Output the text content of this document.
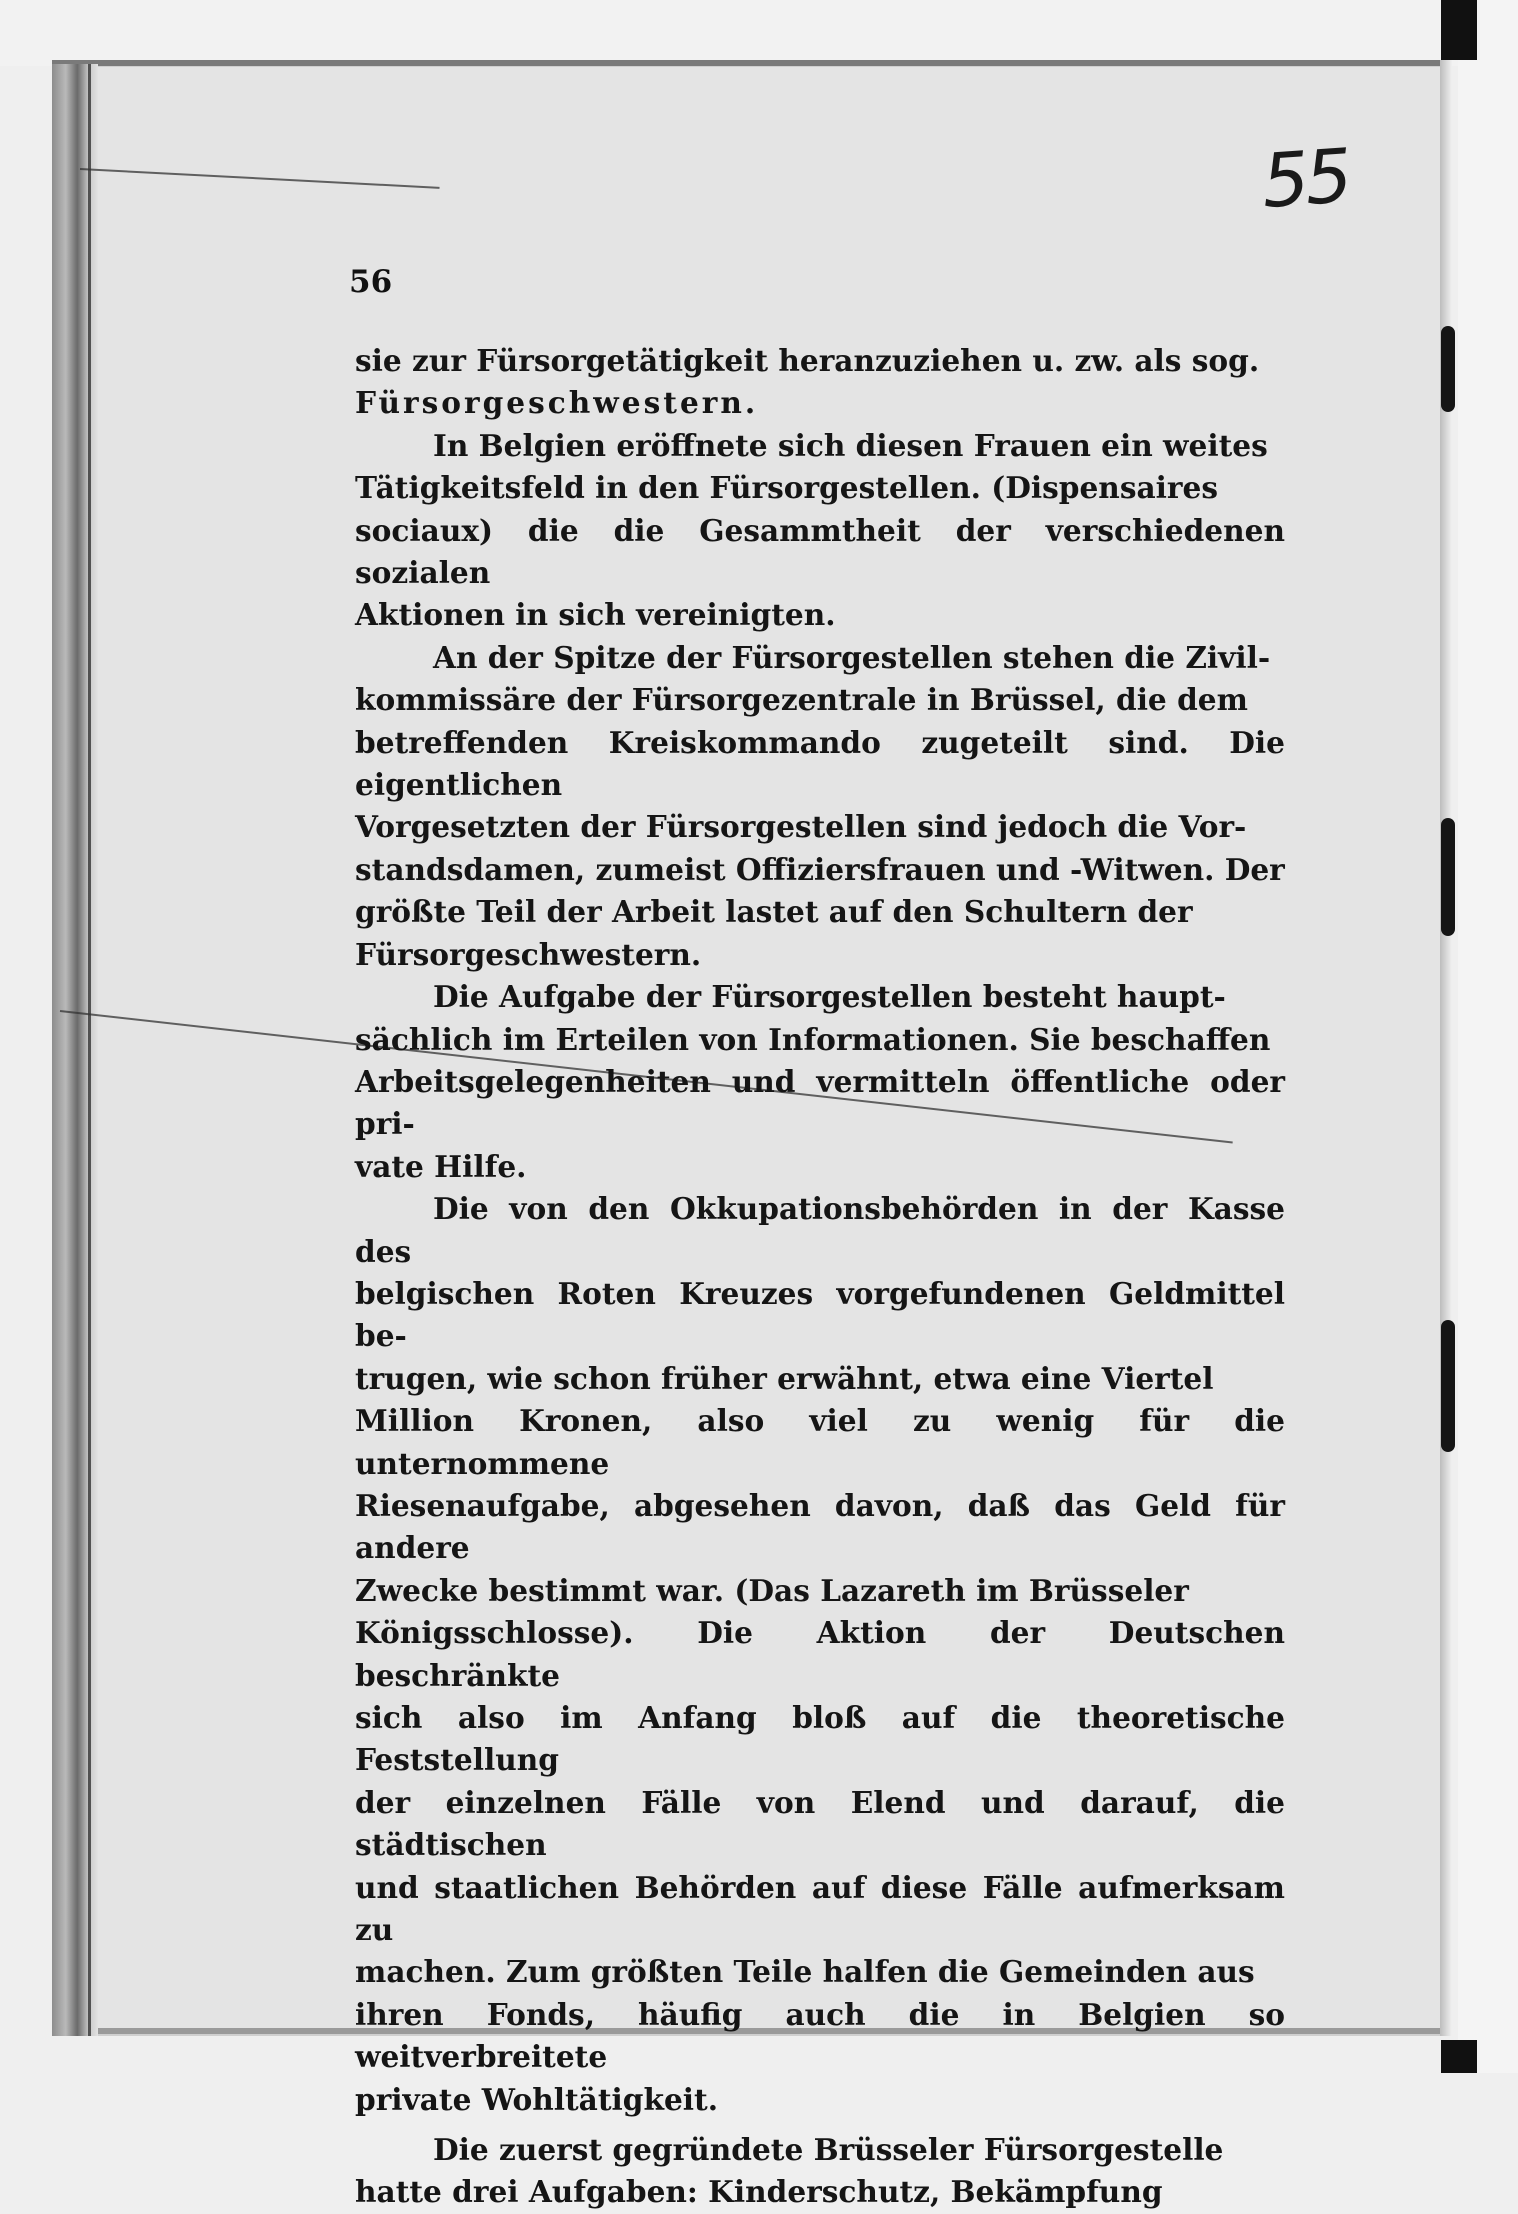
55
56

sie zur Fürsorgetätigkeit heranzuziehen u. zw. als sog.
Fürsorgeschwestern.

In Belgien eröffnete sich diesen Frauen ein weites
Tätigkeitsfeld in den Fürsorgestellen. (Dispensaires
sociaux) die die Gesammtheit der verschiedenen sozialen
Aktionen in sich vereinigten.

An der Spitze der Fürsorgestellen stehen die Zivil-
kommissäre der Fürsorgezentrale in Brüssel, die dem
betreffenden Kreiskommando zugeteilt sind. Die eigentlichen
Vorgesetzten der Fürsorgestellen sind jedoch die Vor-
standsdamen, zumeist Offiziersfrauen und -Witwen. Der
größte Teil der Arbeit lastet auf den Schultern der
Fürsorgeschwestern.

Die Aufgabe der Fürsorgestellen besteht haupt-
sächlich im Erteilen von Informationen. Sie beschaffen
Arbeitsgelegenheiten und vermitteln öffentliche oder pri-
vate Hilfe.

Die von den Okkupationsbehörden in der Kasse des
belgischen Roten Kreuzes vorgefundenen Geldmittel be-
trugen, wie schon früher erwähnt, etwa eine Viertel
Million Kronen, also viel zu wenig für die unternommene
Riesenaufgabe, abgesehen davon, daß das Geld für andere
Zwecke bestimmt war. (Das Lazareth im Brüsseler
Königsschlosse). Die Aktion der Deutschen beschränkte
sich also im Anfang bloß auf die theoretische Feststellung
der einzelnen Fälle von Elend und darauf, die städtischen
und staatlichen Behörden auf diese Fälle aufmerksam zu
machen. Zum größten Teile halfen die Gemeinden aus
ihren Fonds, häufig auch die in Belgien so weitverbreitete
private Wohltätigkeit.

Die zuerst gegründete Brüsseler Fürsorgestelle
hatte drei Aufgaben: Kinderschutz, Bekämpfung
